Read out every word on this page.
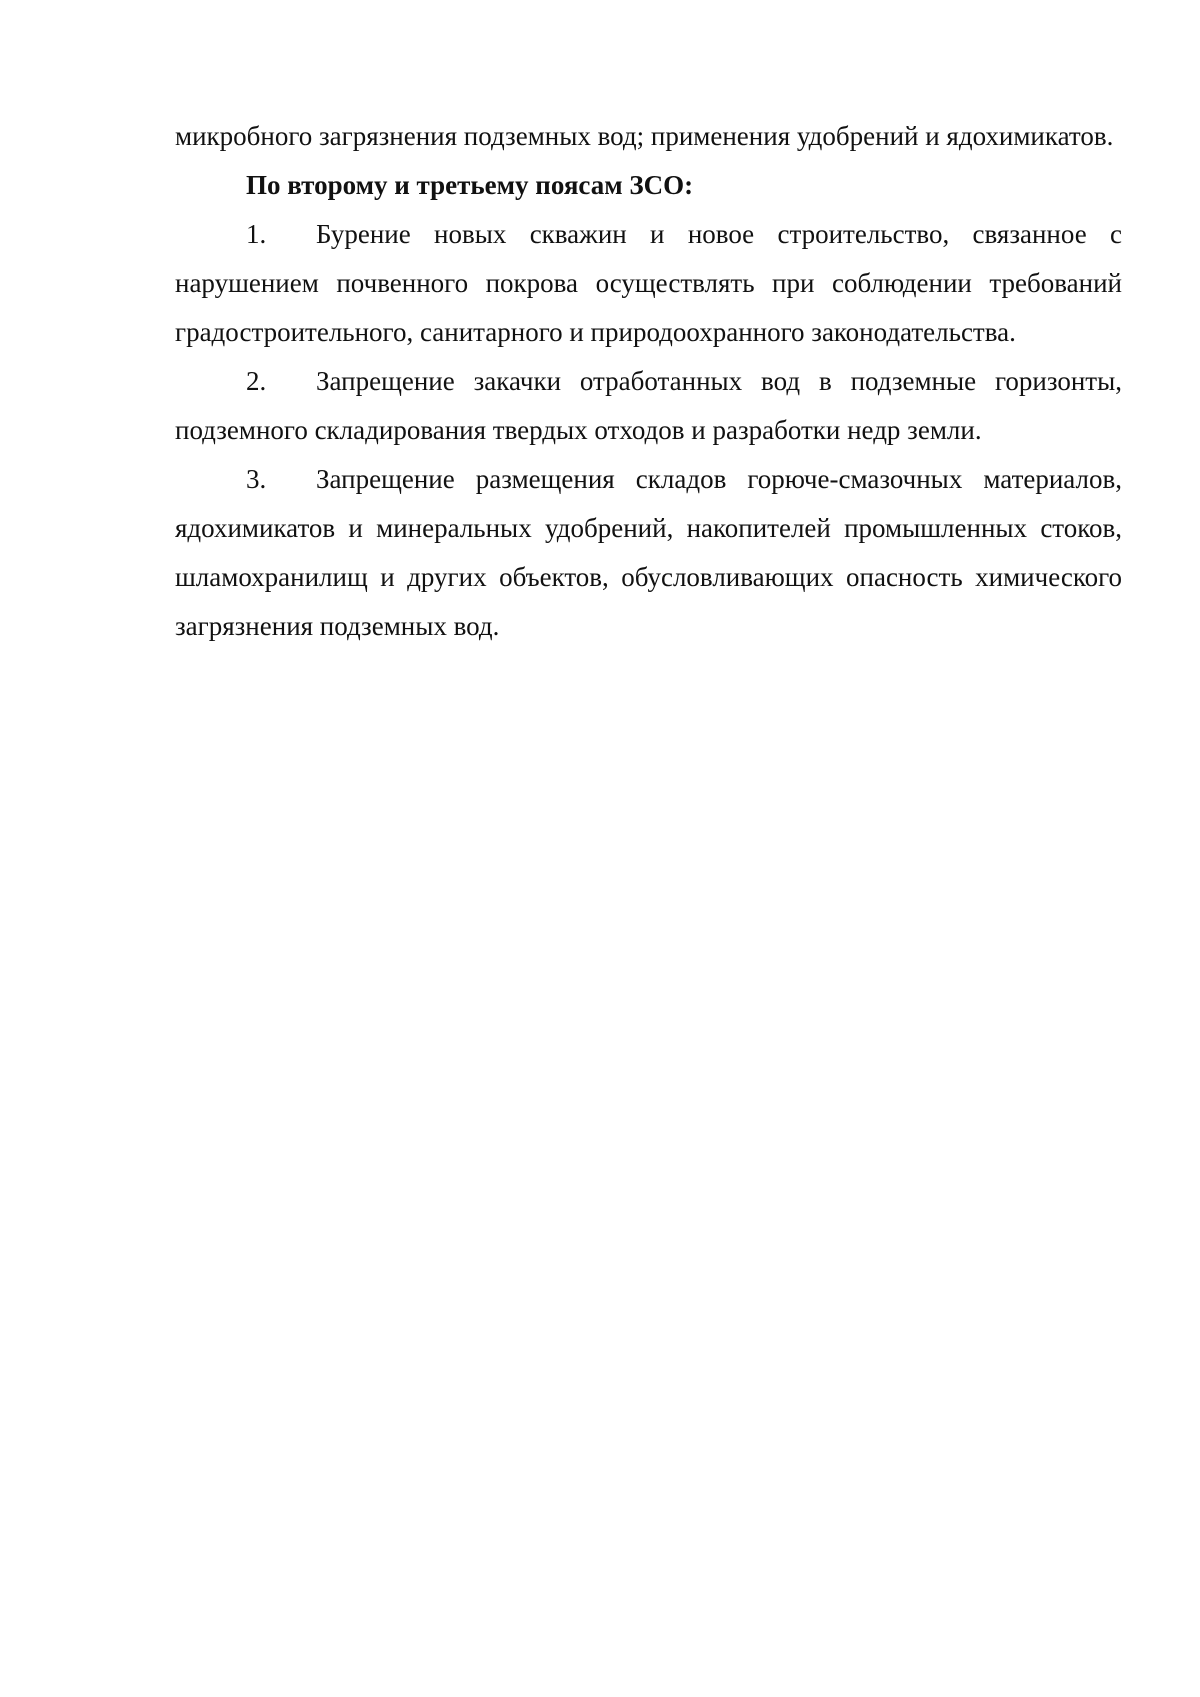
микробного загрязнения подземных вод; применения удобрений и ядохимикатов.

По второму и третьему поясам ЗСО:

1. Бурение новых скважин и новое строительство, связанное с нарушением почвенного покрова осуществлять при соблюдении требований градостроительного, санитарного и природоохранного законодательства.

2. Запрещение закачки отработанных вод в подземные горизонты, подземного складирования твердых отходов и разработки недр земли.

3. Запрещение размещения складов горюче-смазочных материалов, ядохимикатов и минеральных удобрений, накопителей промышленных стоков, шламохранилищ и других объектов, обусловливающих опасность химического загрязнения подземных вод.
